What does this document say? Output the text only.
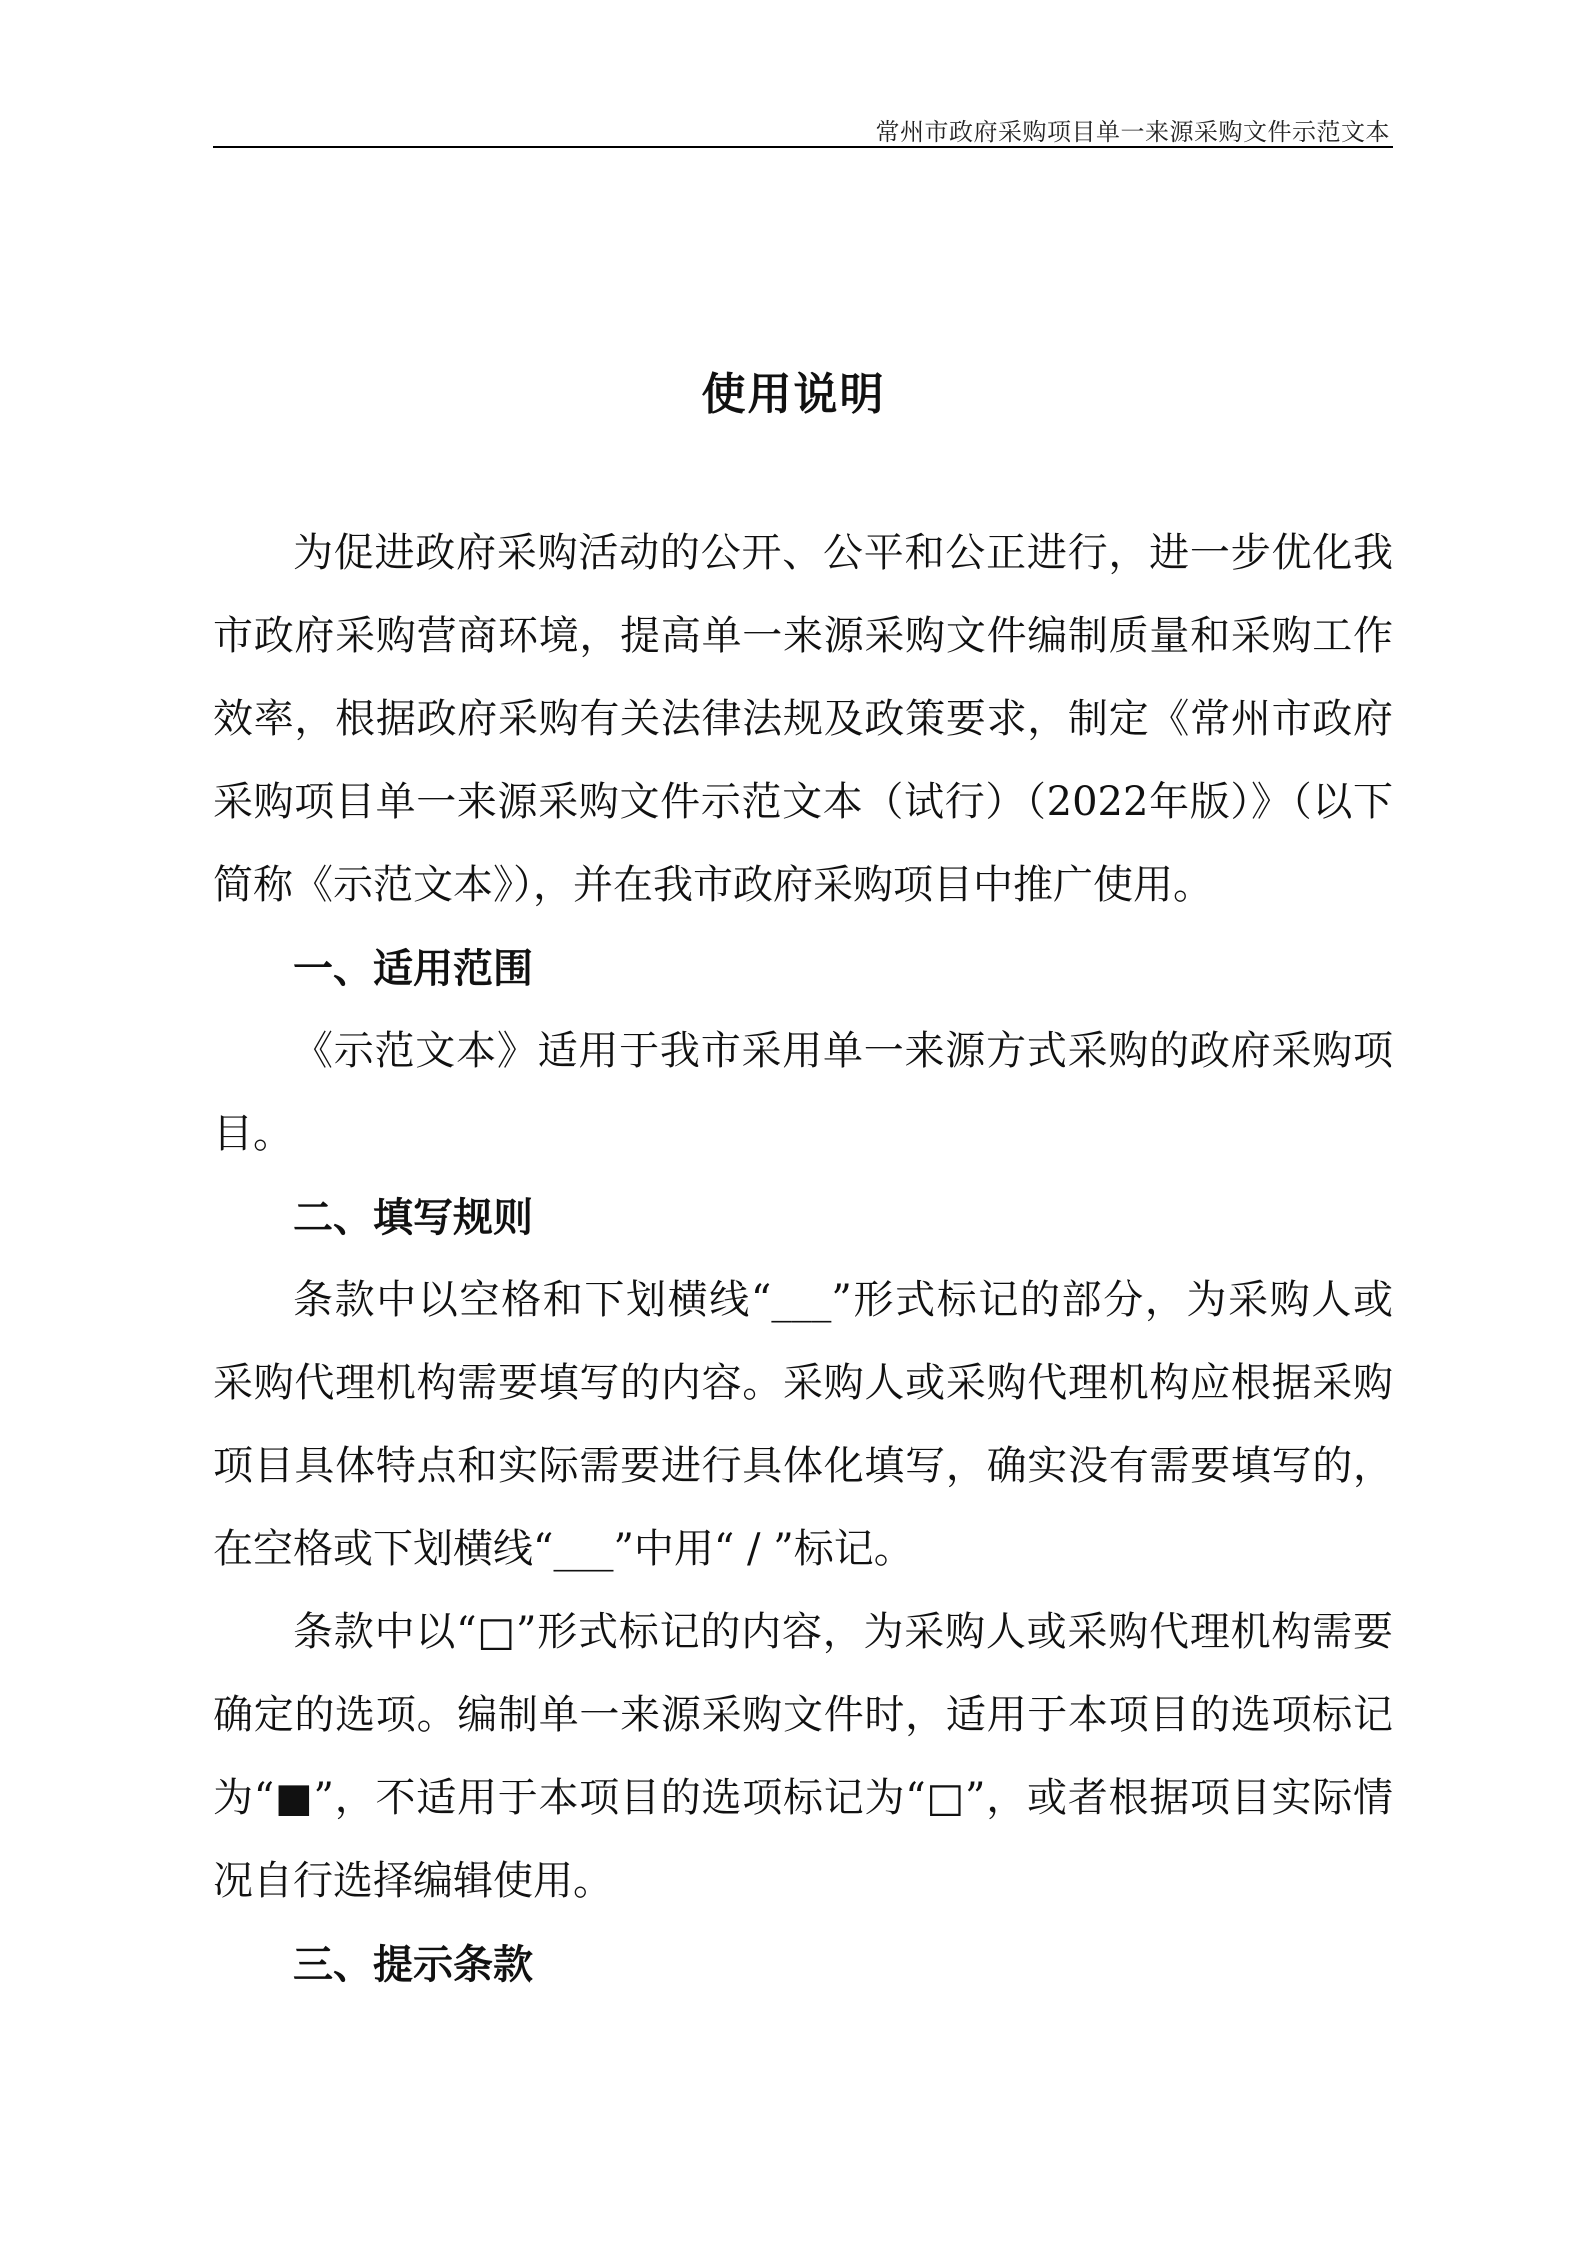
常州市政府采购项目单一来源采购文件示范文本
使用说明

为促进政府采购活动的公开、公平和公正进行，进一步优化我市政府采购营商环境，提高单一来源采购文件编制质量和采购工作效率，根据政府采购有关法律法规及政策要求，制定《常州市政府采购项目单一来源采购文件示范文本（试行）（2022年版）》（以下简称《示范文本》），并在我市政府采购项目中推广使用。

一、适用范围

《示范文本》适用于我市采用单一来源方式采购的政府采购项目。

二、填写规则

条款中以空格和下划横线“___”形式标记的部分，为采购人或采购代理机构需要填写的内容。采购人或采购代理机构应根据采购项目具体特点和实际需要进行具体化填写，确实没有需要填写的，在空格或下划横线“___”中用“ / ”标记。

条款中以“□”形式标记的内容，为采购人或采购代理机构需要确定的选项。编制单一来源采购文件时，适用于本项目的选项标记为“■”，不适用于本项目的选项标记为“□”，或者根据项目实际情况自行选择编辑使用。

三、提示条款
